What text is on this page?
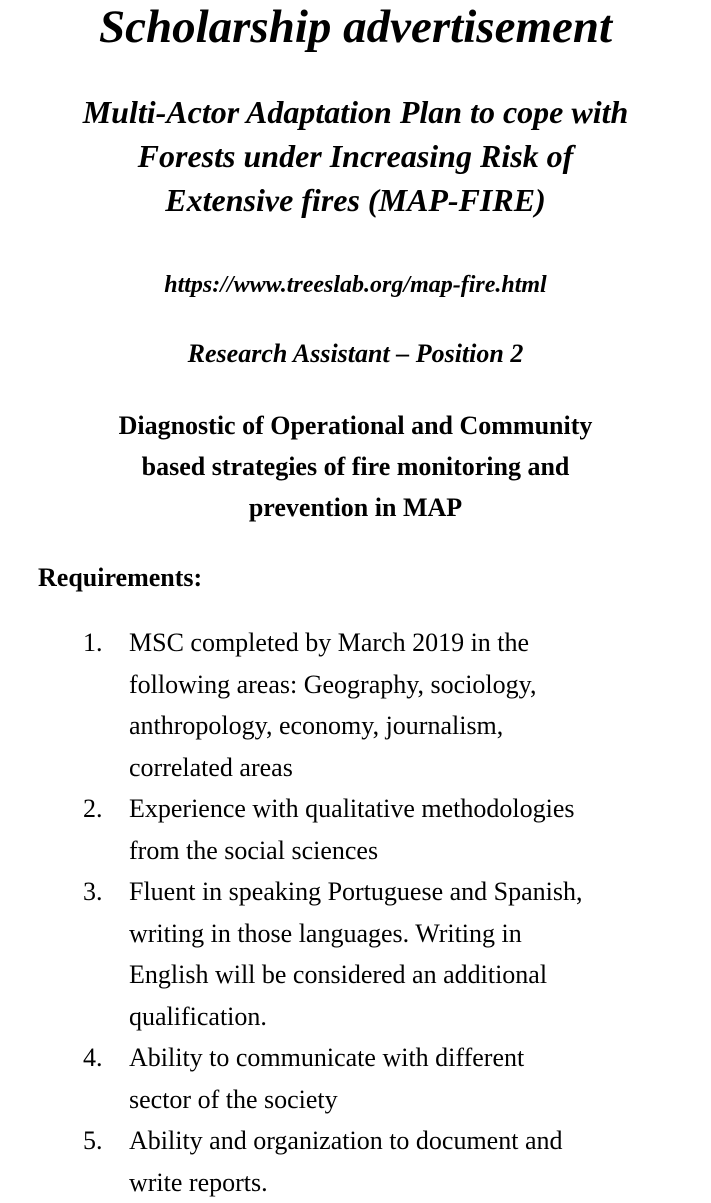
Scholarship advertisement
Multi-Actor Adaptation Plan to cope with
Forests under Increasing Risk of
Extensive fires (MAP-FIRE)
https://www.treeslab.org/map-fire.html
Research Assistant – Position 2
Diagnostic of Operational and Community
based strategies of fire monitoring and
prevention in MAP
Requirements:
1. MSC completed by March 2019 in the
following areas: Geography, sociology,
anthropology, economy, journalism,
correlated areas
2. Experience with qualitative methodologies
from the social sciences
3. Fluent in speaking Portuguese and Spanish,
writing in those languages. Writing in
English will be considered an additional
qualification.
4. Ability to communicate with different
sector of the society
5. Ability and organization to document and
write reports.
